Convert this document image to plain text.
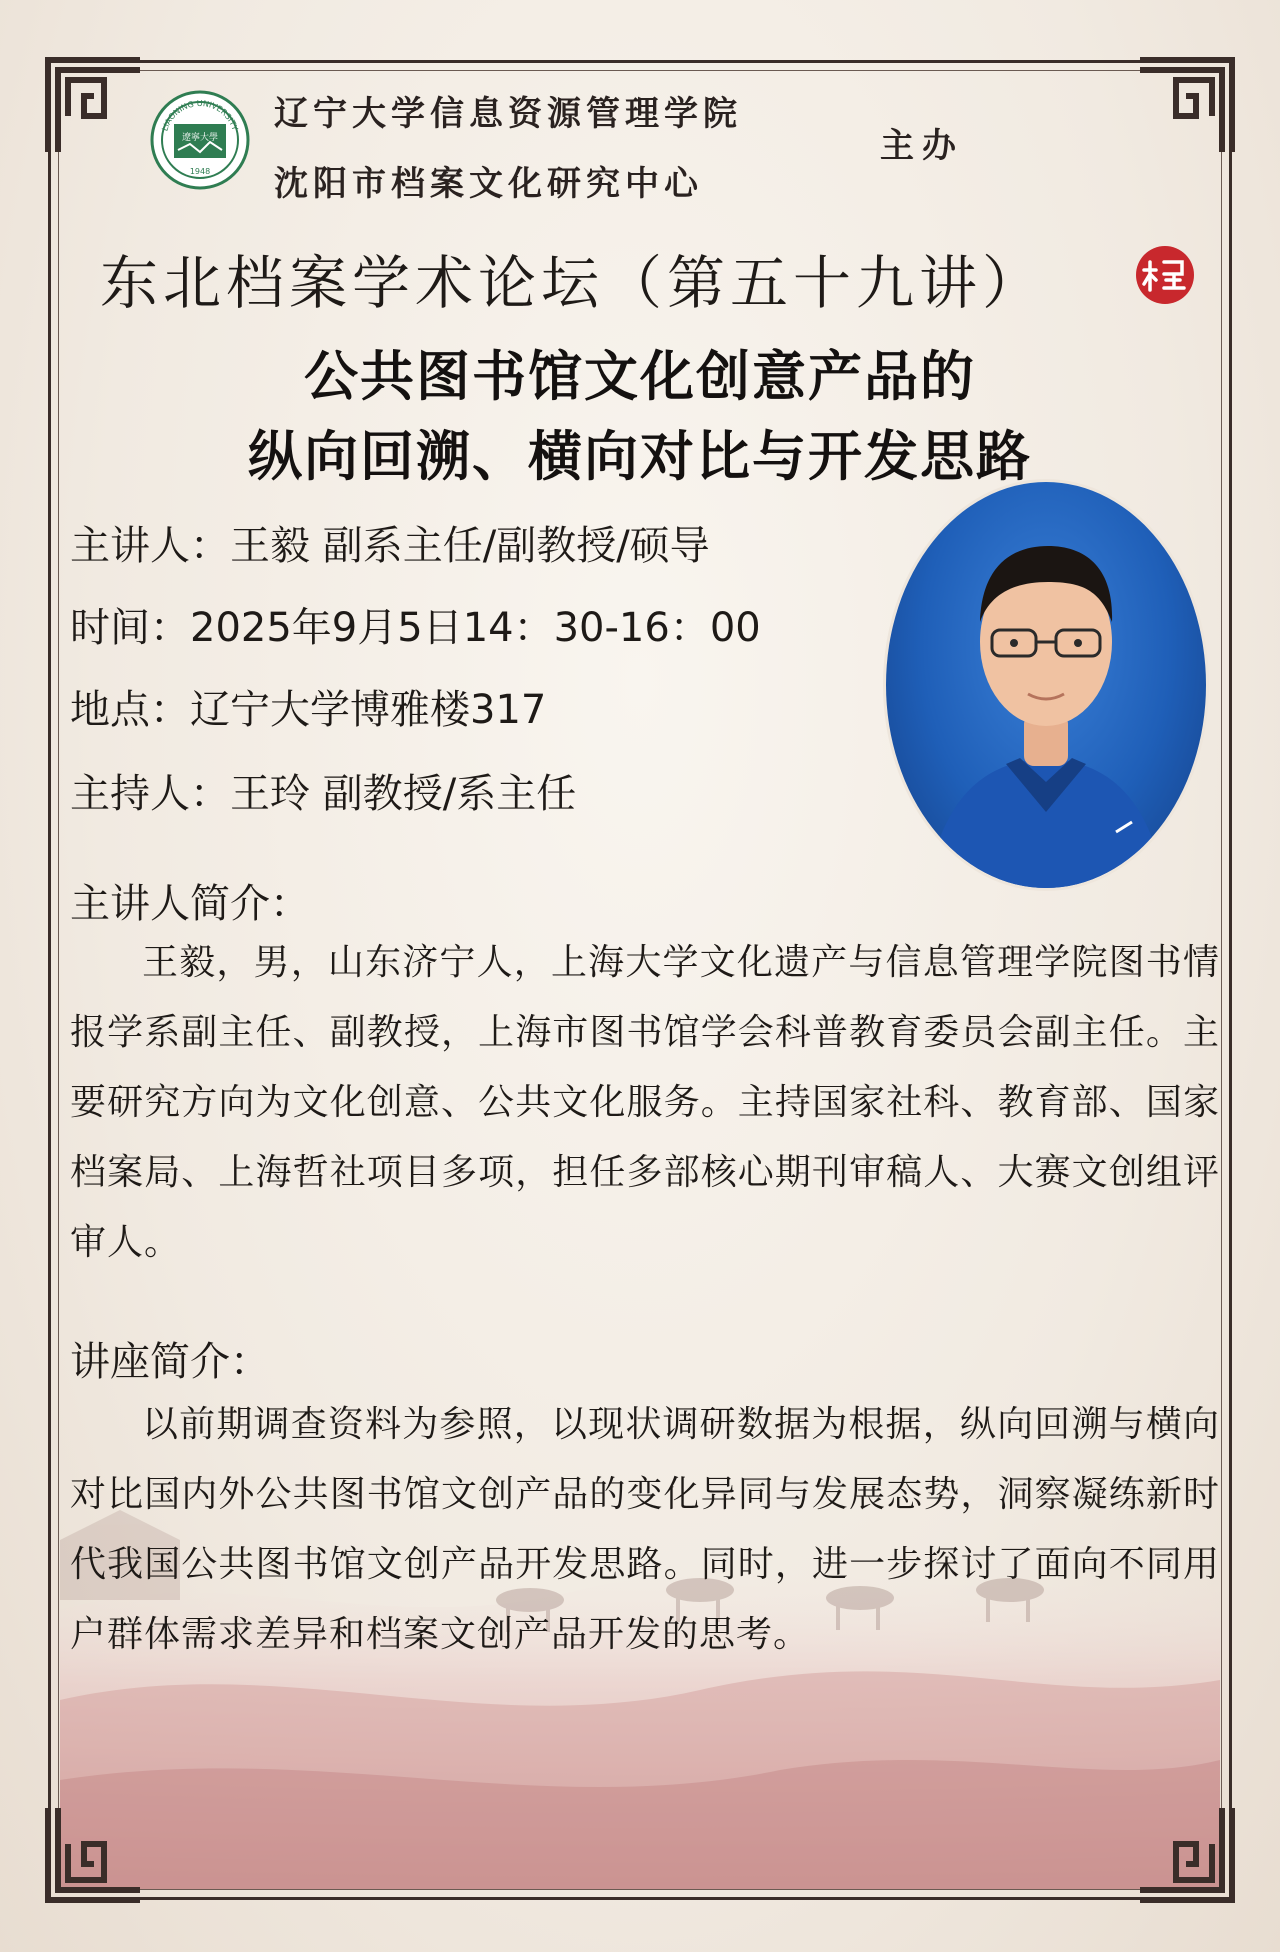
LIAONING UNIVERSITY
遼寧大學
1948
辽宁大学信息资源管理学院
沈阳市档案文化研究中心
主办
东北档案学术论坛（第五十九讲）
公共图书馆文化创意产品的
纵向回溯、横向对比与开发思路
主讲人：王毅 副系主任/副教授/硕导
时间：2025年9月5日14：30-16：00
地点：辽宁大学博雅楼317
主持人：王玲 副教授/系主任
主讲人简介：
王毅，男，山东济宁人，上海大学文化遗产与信息管理学院图书情报学系副主任、副教授，上海市图书馆学会科普教育委员会副主任。主要研究方向为文化创意、公共文化服务。主持国家社科、教育部、国家档案局、上海哲社项目多项，担任多部核心期刊审稿人、大赛文创组评审人。
讲座简介：
以前期调查资料为参照，以现状调研数据为根据，纵向回溯与横向对比国内外公共图书馆文创产品的变化异同与发展态势，洞察凝练新时代我国公共图书馆文创产品开发思路。同时，进一步探讨了面向不同用户群体需求差异和档案文创产品开发的思考。
